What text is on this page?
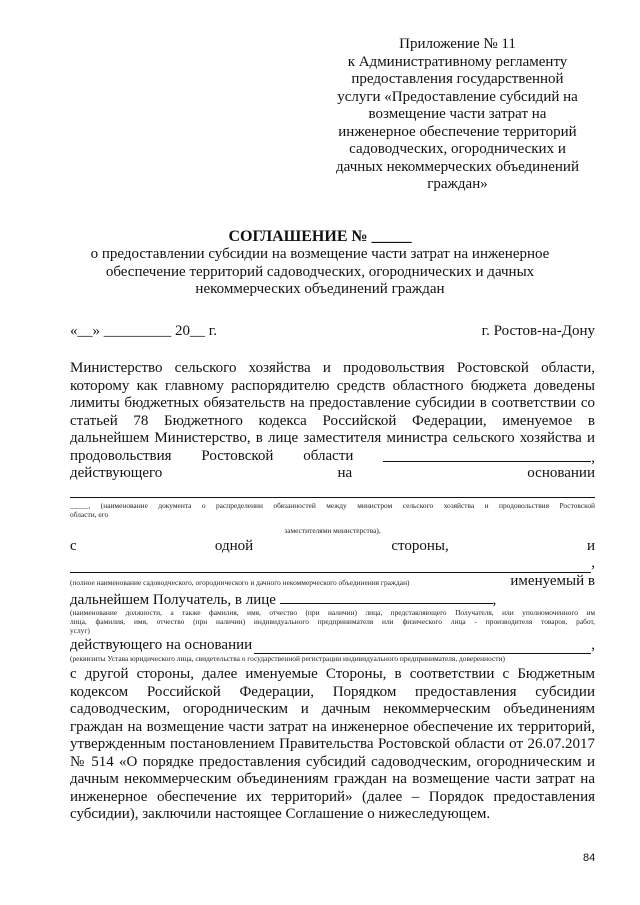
Приложение № 11
к Административному регламенту
предоставления государственной
услуги «Предоставление субсидий на
возмещение части затрат на
инженерное обеспечение территорий
садоводческих, огороднических и
дачных некоммерческих объединений
граждан»
СОГЛАШЕНИЕ № _____
о предоставлении субсидии на возмещение части затрат на инженерное
обеспечение территорий садоводческих, огороднических и дачных
некоммерческих объединений граждан
«__» _________ 20__ г.	г. Ростов-на-Дону
Министерство сельского хозяйства и продовольствия Ростовской области,
которому как главному распорядителю средств областного бюджета доведены
лимиты бюджетных обязательств на предоставление субсидии в соответствии со
статьей 78 Бюджетного кодекса Российской Федерации, именуемое в
дальнейшем Министерство, в лице заместителя министра сельского хозяйства и
продовольствия Ростовской области	,
действующего	на	основании
_____, (наименование документа о распределении обязанностей между министром сельского хозяйства и продовольствия Ростовской
области, его
заместителями министерства),
с	одной	стороны,	и
,
(полное наименование садоводческого, огороднического и дачного некоммерческого объединения граждан)	именуемый в
дальнейшем Получатель, в лице	,
(наименование должности, а также фамилия, имя, отчество (при наличии) лица, представляющего Получателя, или уполномоченного им
лица, фамилия, имя, отчество (при наличии) индивидуального предпринимателя или физического лица - производителя товаров, работ,
услуг)
действующего на основании	,
(реквизиты Устава юридического лица, свидетельства о государственной регистрации индивидуального предпринимателя, доверенности)
с другой стороны, далее именуемые Стороны, в соответствии с Бюджетным
кодексом Российской Федерации, Порядком предоставления субсидии
садоводческим, огородническим и дачным некоммерческим объединениям
граждан на возмещение части затрат на инженерное обеспечение их территорий,
утвержденным постановлением Правительства Ростовской области от 26.07.2017
№ 514 «О порядке предоставления субсидий садоводческим, огородническим и
дачным некоммерческим объединениям граждан на возмещение части затрат на
инженерное обеспечение их территорий» (далее – Порядок предоставления
субсидии), заключили настоящее Соглашение о нижеследующем.
84
